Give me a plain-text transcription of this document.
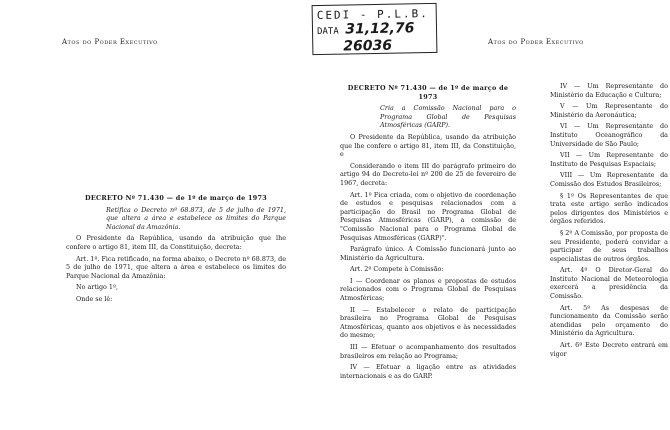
Atos do Poder Executivo	Atos do Poder Executivo
CEDI - P.L.B.
DATA 31,12,76
26036

DECRETO Nº 71.430 — de 1º de março de 1973

Retifica o Decreto nº 68.873, de 5 de julho de 1971, que altera a área e estabelece os limites do Parque Nacional da Amazônia.

O Presidente da República, usando da atribuição que lhe confere o artigo 81, item III, da Constituição, decreta:

Art. 1º. Fica retificado, na forma abaixo, o Decreto nº 68.873, de 5 de julho de 1971, que altera a área e estabelece os limites do Parque Nacional da Amazônia:

No artigo 1º,

Onde se lê:

DECRETO Nº 71.430 — de 1º de março de 1973

Cria a Comissão Nacional para o Programa Global de Pesquisas Atmosféricas (GARP).

O Presidente da República, usando da atribuição que lhe confere o artigo 81, item III, da Constituição, e

Considerando o item III do parágrafo primeiro do artigo 94 do Decreto-lei nº 200 de 25 de fevereiro de 1967, decreta:

Art. 1º Fica criada, com o objetivo de coordenação de estudos e pesquisas relacionados com a participação do Brasil no Programa Global de Pesquisas Atmosféricas (GARP), a comissão de "Comissão Nacional para o Programa Global de Pesquisas Atmosféricas (GARP)".

Parágrafo único. A Comissão funcionará junto ao Ministério da Agricultura.

Art. 2º Compete à Comissão:

I — Coordenar os planos e propostas de estudos relacionados com o Programa Global de Pesquisas Atmosféricas;

II — Estabelecer o relato de participação brasileira no Programa Global de Pesquisas Atmosféricas, quanto aos objetivos e às necessidades do mesmo;

III — Efetuar o acompanhamento dos resultados brasileiros em relação ao Programa;

IV — Efetuar a ligação entre as atividades internacionais e as do GARP.

IV — Um Representante do Ministério da Educação e Cultura;

V — Um Representante do Ministério da Aeronáutica;

VI — Um Representante do Instituto Oceanográfico da Universidade de São Paulo;

VII — Um Representante do Instituto de Pesquisas Espaciais;

VIII — Um Representante da Comissão dos Estudos Brasileiros;

§ 1º Os Representantes de que trata este artigo serão indicados pelos dirigentes dos Ministérios e órgãos referidos.

§ 2º A Comissão, por proposta de seu Presidente, poderá convidar a participar de seus trabalhos especialistas de outros órgãos.

Art. 4º O Diretor-Geral do Instituto Nacional de Meteorologia exercerá a presidência da Comissão.

Art. 5º As despesas de funcionamento da Comissão serão atendidas pelo orçamento do Ministério da Agricultura.

Art. 6º Este Decreto entrará em vigor
